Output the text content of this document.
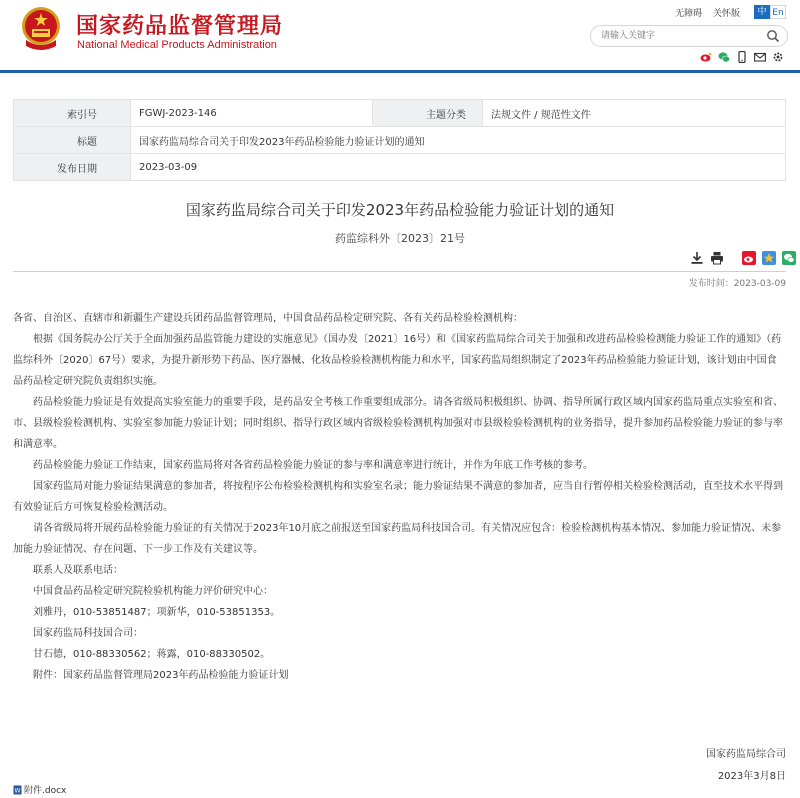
国家药品监督管理局
National Medical Products Administration
无障碍 关怀版	中 En
请输入关键字
索引号	FGWJ-2023-146	主题分类	法规文件 / 规范性文件
标题	国家药监局综合司关于印发2023年药品检验能力验证计划的通知		
发布日期	2023-03-09		
国家药监局综合司关于印发2023年药品检验能力验证计划的通知
药监综科外〔2023〕21号
发布时间：2023-03-09

各省、自治区、直辖市和新疆生产建设兵团药品监督管理局，中国食品药品检定研究院、各有关药品检验检测机构：

根据《国务院办公厅关于全面加强药品监管能力建设的实施意见》（国办发〔2021〕16号）和《国家药监局综合司关于加强和改进药品检验检测能力验证工作的通知》（药监综科外〔2020〕67号）要求，为提升新形势下药品、医疗器械、化妆品检验检测机构能力和水平，国家药监局组织制定了2023年药品检验能力验证计划，该计划由中国食品药品检定研究院负责组织实施。

药品检验能力验证是有效提高实验室能力的重要手段，是药品安全考核工作重要组成部分。请各省级局积极组织、协调、指导所属行政区域内国家药监局重点实验室和省、市、县级检验检测机构、实验室参加能力验证计划；同时组织、指导行政区域内省级检验检测机构加强对市县级检验检测机构的业务指导，提升参加药品检验能力验证的参与率和满意率。

药品检验能力验证工作结束，国家药监局将对各省药品检验能力验证的参与率和满意率进行统计，并作为年底工作考核的参考。

国家药监局对能力验证结果满意的参加者，将按程序公布检验检测机构和实验室名录；能力验证结果不满意的参加者，应当自行暂停相关检验检测活动，直至技术水平得到有效验证后方可恢复检验检测活动。

请各省级局将开展药品检验能力验证的有关情况于2023年10月底之前报送至国家药监局科技国合司。有关情况应包含：检验检测机构基本情况、参加能力验证情况、未参加能力验证情况、存在问题、下一步工作及有关建议等。

联系人及联系电话：

中国食品药品检定研究院检验机构能力评价研究中心：

刘雅丹，010-53851487；项新华，010-53851353。

国家药监局科技国合司：

甘石德，010-88330562；蒋露，010-88330502。

附件：国家药品监督管理局2023年药品检验能力验证计划

国家药监局综合司
2023年3月8日
W 附件.docx
